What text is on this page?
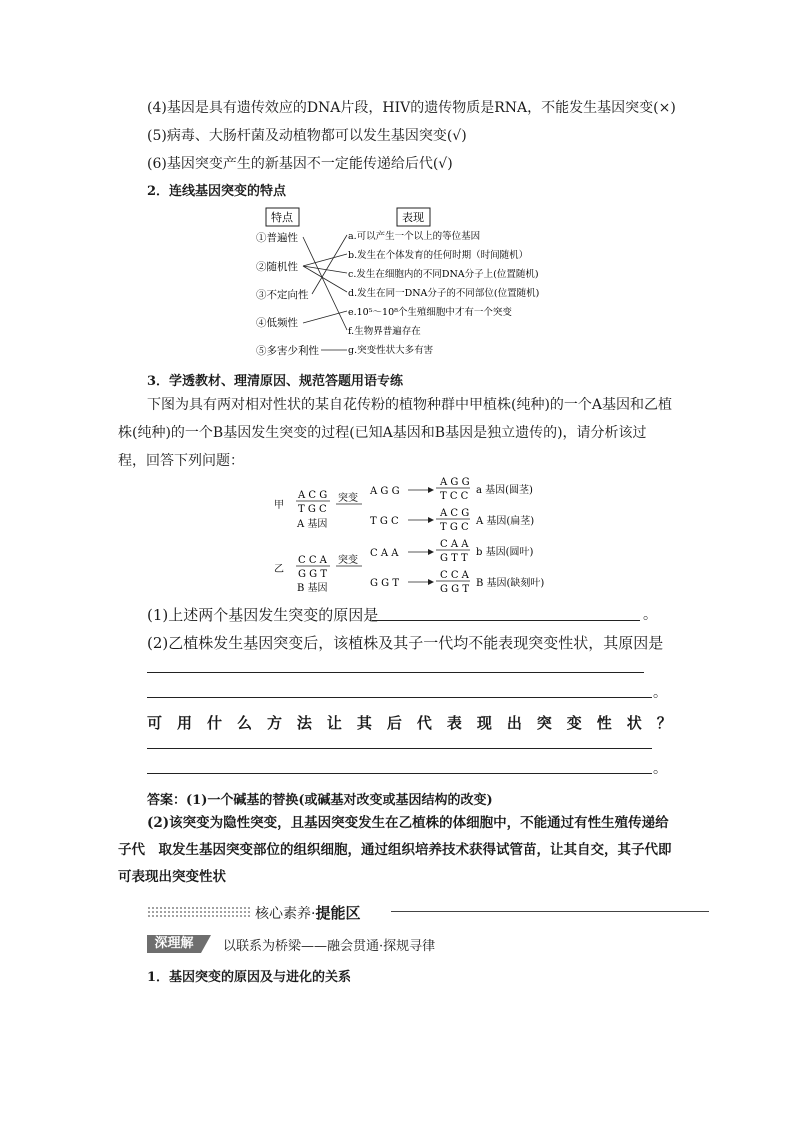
(4)基因是具有遗传效应的DNA片段，HIV的遗传物质是RNA，不能发生基因突变(×)
(5)病毒、大肠杆菌及动植物都可以发生基因突变(√)
(6)基因突变产生的新基因不一定能传递给后代(√)
2．连线基因突变的特点
特点	表现
①普遍性
②随机性
③不定向性
④低频性
⑤多害少利性
a.可以产生一个以上的等位基因
b.发生在个体发育的任何时期（时间随机）
c.发生在细胞内的不同DNA分子上(位置随机)
d.发生在同一DNA分子的不同部位(位置随机)
e.10⁵～10⁸个生殖细胞中才有一个突变
f.生物界普遍存在
g.突变性状大多有害
3．学透教材、理清原因、规范答题用语专练
下图为具有两对相对性状的某自花传粉的植物种群中甲植株(纯种)的一个A基因和乙植株(纯种)的一个B基因发生突变的过程(已知A基因和B基因是独立遗传的)，请分析该过程，回答下列问题：
甲
A C G
T G C
A 基因
突变
A G G
A G G
T C C
a 基因(圆茎)
T G C
A C G
T G C
A 基因(扁茎)
乙
C C A
G G T
B 基因
突变
C A A
C A A
G T T
b 基因(圆叶)
G G T
C C A
G G T
B 基因(缺刻叶)
(1)上述两个基因发生突变的原因是	。
(2)乙植株发生基因突变后，该植株及其子一代均不能表现突变性状，其原因是
。
可 用 什 么 方 法 让 其 后 代 表 现 出 突 变 性 状 ？
。
答案：(1)一个碱基的替换(或碱基对改变或基因结构的改变)
(2)该突变为隐性突变，且基因突变发生在乙植株的体细胞中，不能通过有性生殖传递给子代　取发生基因突变部位的组织细胞，通过组织培养技术获得试管苗，让其自交，其子代即可表现出突变性状
核心素养·提能区
深理解	以联系为桥梁——融会贯通·探规寻律
1．基因突变的原因及与进化的关系
